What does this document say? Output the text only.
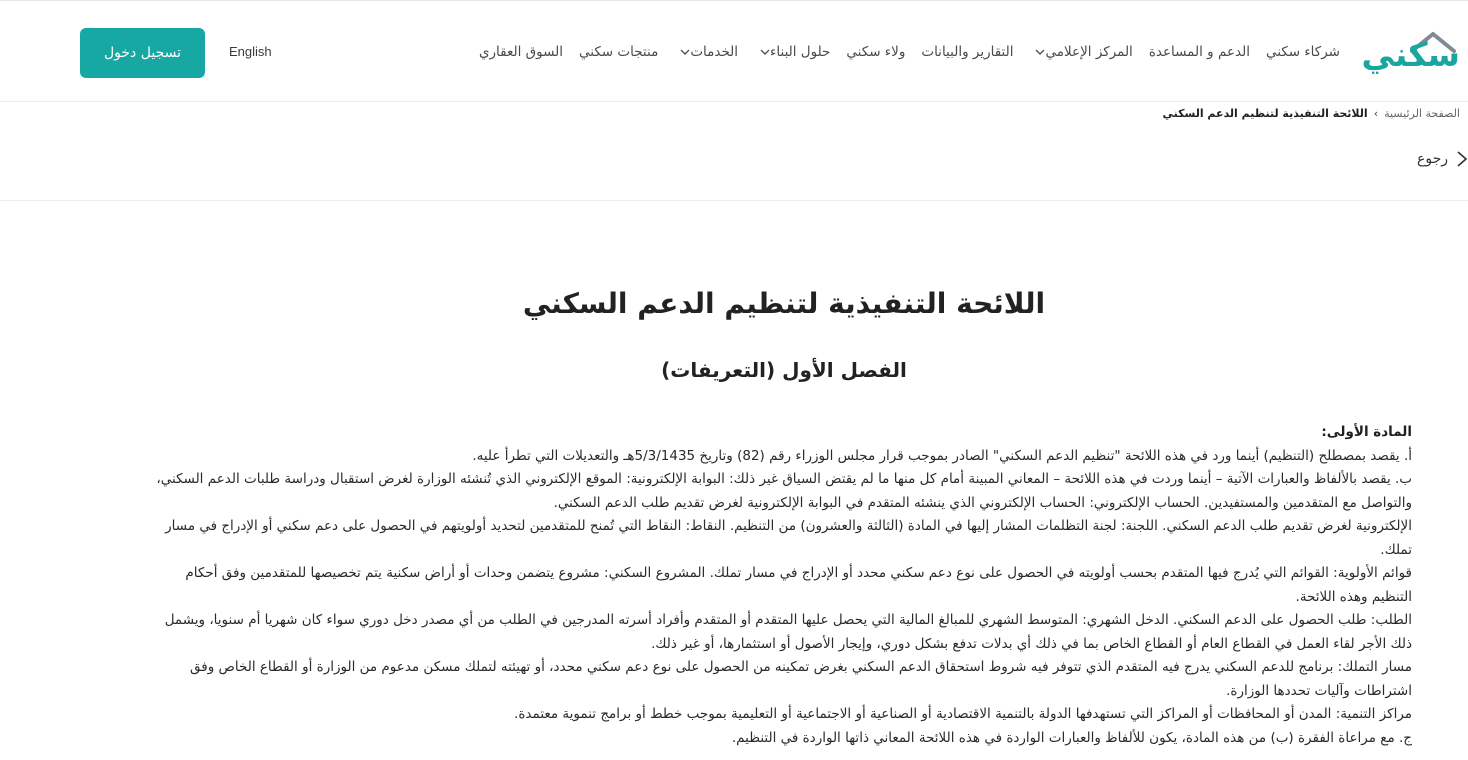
سكني
السوق العقاري منتجات سكني الخدمات حلول البناء ولاء سكني التقارير والبيانات المركز الإعلامي الدعم و المساعدة شركاء سكني
English
تسجيل دخول
الصفحة الرئيسية
›
اللائحة التنفيذية لتنظيم الدعم السكني
رجوع
اللائحة التنفيذية لتنظيم الدعم السكني
الفصل الأول (التعريفات)

المادة الأولى:

أ. يقصد بمصطلح (التنظيم) أينما ورد في هذه اللائحة "تنظيم الدعم السكني" الصادر بموجب قرار مجلس الوزراء رقم (82) وتاريخ 5/3/1435هـ والتعديلات التي تطرأ عليه.

ب. يقصد بالألفاظ والعبارات الآتية – أينما وردت في هذه اللائحة – المعاني المبينة أمام كل منها ما لم يقتض السياق غير ذلك: البوابة الإلكترونية: الموقع الإلكتروني الذي تُنشئه الوزارة لغرض استقبال ودراسة طلبات الدعم السكني، والتواصل مع المتقدمين والمستفيدين. الحساب الإلكتروني: الحساب الإلكتروني الذي ينشئه المتقدم في البوابة الإلكترونية لغرض تقديم طلب الدعم السكني.

الإلكترونية لغرض تقديم طلب الدعم السكني. اللجنة: لجنة التظلمات المشار إليها في المادة (الثالثة والعشرون) من التنظيم. النقاط: النقاط التي تُمنح للمتقدمين لتحديد أولويتهم في الحصول على دعم سكني أو الإدراج في مسار تملك.

قوائم الأولوية: القوائم التي يُدرج فيها المتقدم بحسب أولويته في الحصول على نوع دعم سكني محدد أو الإدراج في مسار تملك. المشروع السكني: مشروع يتضمن وحدات أو أراض سكنية يتم تخصيصها للمتقدمين وفق أحكام التنظيم وهذه اللائحة.

الطلب: طلب الحصول على الدعم السكني. الدخل الشهري: المتوسط الشهري للمبالغ المالية التي يحصل عليها المتقدم أو المتقدم وأفراد أسرته المدرجين في الطلب من أي مصدر دخل دوري سواء كان شهريا أم سنويا، ويشمل ذلك الأجر لقاء العمل في القطاع العام أو القطاع الخاص بما في ذلك أي بدلات تدفع بشكل دوري، وإيجار الأصول أو استثمارها، أو غير ذلك.

مسار التملك: برنامج للدعم السكني يدرج فيه المتقدم الذي تتوفر فيه شروط استحقاق الدعم السكني بغرض تمكينه من الحصول على نوع دعم سكني محدد، أو تهيئته لتملك مسكن مدعوم من الوزارة أو القطاع الخاص وفق اشتراطات وآليات تحددها الوزارة.

مراكز التنمية: المدن أو المحافظات أو المراكز التي تستهدفها الدولة بالتنمية الاقتصادية أو الصناعية أو الاجتماعية أو التعليمية بموجب خطط أو برامج تنموية معتمدة.

ج. مع مراعاة الفقرة (ب) من هذه المادة، يكون للألفاظ والعبارات الواردة في هذه اللائحة المعاني ذاتها الواردة في التنظيم.
